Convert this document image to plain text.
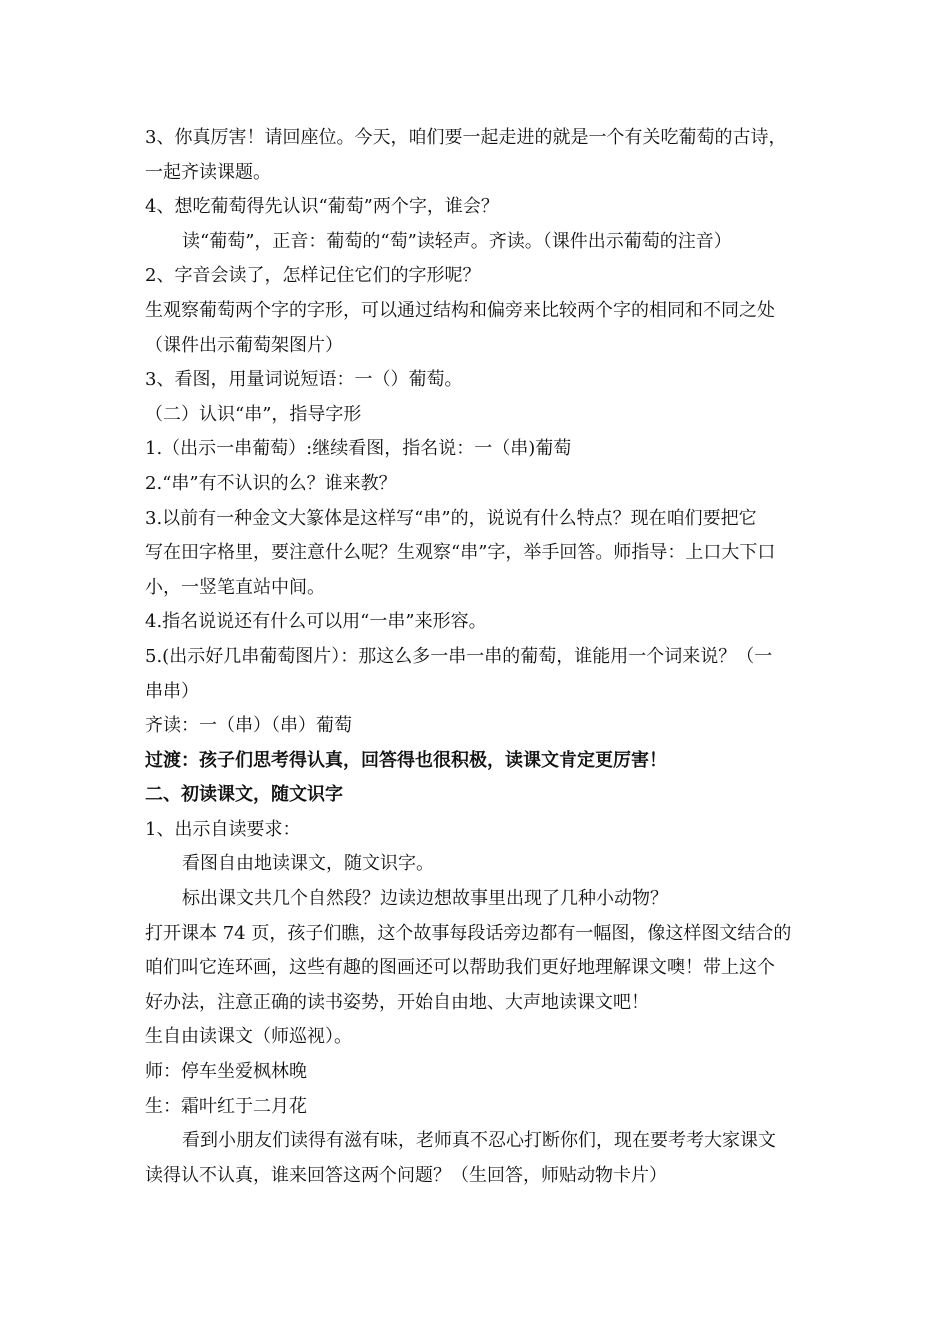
3、你真厉害！请回座位。今天，咱们要一起走进的就是一个有关吃葡萄的古诗，
一起齐读课题。
4、想吃葡萄得先认识“葡萄”两个字，谁会？
读“葡萄”，正音：葡萄的“萄”读轻声。齐读。（课件出示葡萄的注音）
2、字音会读了，怎样记住它们的字形呢？
生观察葡萄两个字的字形，可以通过结构和偏旁来比较两个字的相同和不同之处
（课件出示葡萄架图片）
3、看图，用量词说短语：一（）葡萄。
（二）认识“串”，指导字形
1.（出示一串葡萄）:继续看图，指名说：一（串)葡萄
2.“串”有不认识的么？谁来教？
3.以前有一种金文大篆体是这样写“串”的，说说有什么特点？现在咱们要把它
写在田字格里，要注意什么呢？生观察“串”字，举手回答。师指导：上口大下口
小，一竖笔直站中间。
4.指名说说还有什么可以用“一串”来形容。
5.(出示好几串葡萄图片）：那这么多一串一串的葡萄，谁能用一个词来说？（一
串串）
齐读：一（串）（串）葡萄
过渡：孩子们思考得认真，回答得也很积极，读课文肯定更厉害！
二、初读课文，随文识字
1、出示自读要求：
看图自由地读课文，随文识字。
标出课文共几个自然段？边读边想故事里出现了几种小动物？
打开课本 74 页，孩子们瞧，这个故事每段话旁边都有一幅图，像这样图文结合的
咱们叫它连环画，这些有趣的图画还可以帮助我们更好地理解课文噢！带上这个
好办法，注意正确的读书姿势，开始自由地、大声地读课文吧！
生自由读课文（师巡视）。
师：停车坐爱枫林晚
生：霜叶红于二月花
看到小朋友们读得有滋有味，老师真不忍心打断你们，现在要考考大家课文
读得认不认真，谁来回答这两个问题？（生回答，师贴动物卡片）
